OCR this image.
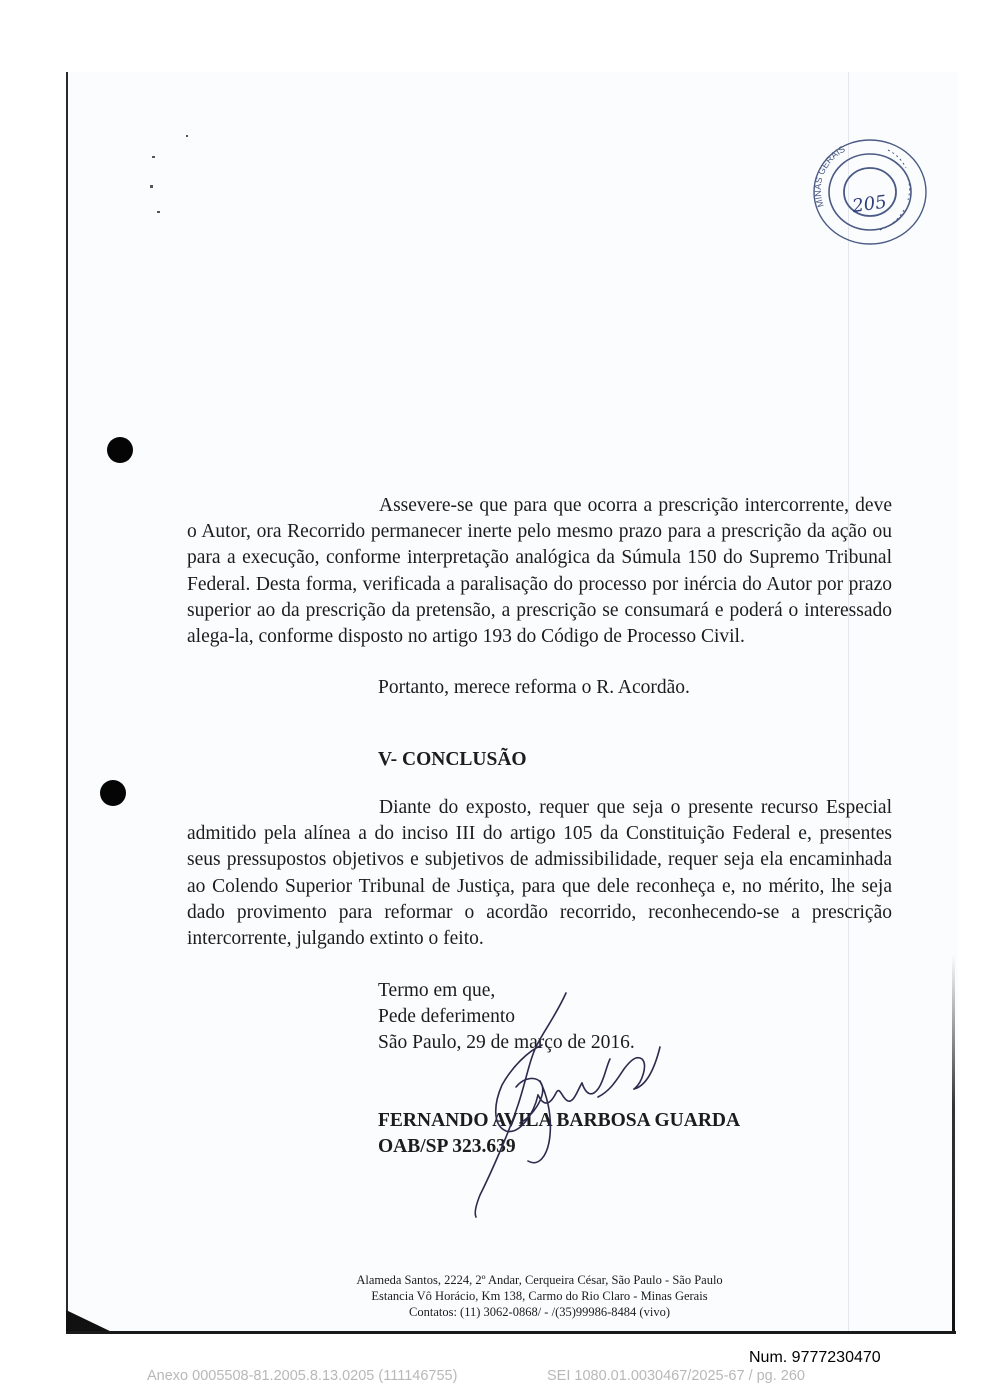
MINAS GERAIS
205

Assevere-se que para que ocorra a prescrição intercorrente, deve o Autor, ora Recorrido permanecer inerte pelo mesmo prazo para a prescrição da ação ou para a execução, conforme interpretação analógica da Súmula 150 do Supremo Tribunal Federal. Desta forma, verificada a paralisação do processo por inércia do Autor por prazo superior ao da prescrição da pretensão, a prescrição se consumará e poderá o interessado alega-la, conforme disposto no artigo 193 do Código de Processo Civil.

Portanto, merece reforma o R. Acordão.
V- CONCLUSÃO

Diante do exposto, requer que seja o presente recurso Especial admitido pela alínea a do inciso III do artigo 105 da Constituição Federal e, presentes seus pressupostos objetivos e subjetivos de admissibilidade, requer seja ela encaminhada ao Colendo Superior Tribunal de Justiça, para que dele reconheça e, no mérito, lhe seja dado provimento para reformar o acordão recorrido, reconhecendo-se a prescrição intercorrente, julgando extinto o feito.

Termo em que,
Pede deferimento
São Paulo, 29 de março de 2016.
FERNANDO AVILA BARBOSA GUARDA
OAB/SP 323.639
Alameda Santos, 2224, 2º Andar, Cerqueira César, São Paulo - São Paulo
Estancia Vô Horácio, Km 138, Carmo do Rio Claro - Minas Gerais
Contatos: (11) 3062-0868/ - /(35)99986-8484 (vivo)
Num. 9777230470
Anexo 0005508-81.2005.8.13.0205 (111146755)	SEI 1080.01.0030467/2025-67 / pg. 260
